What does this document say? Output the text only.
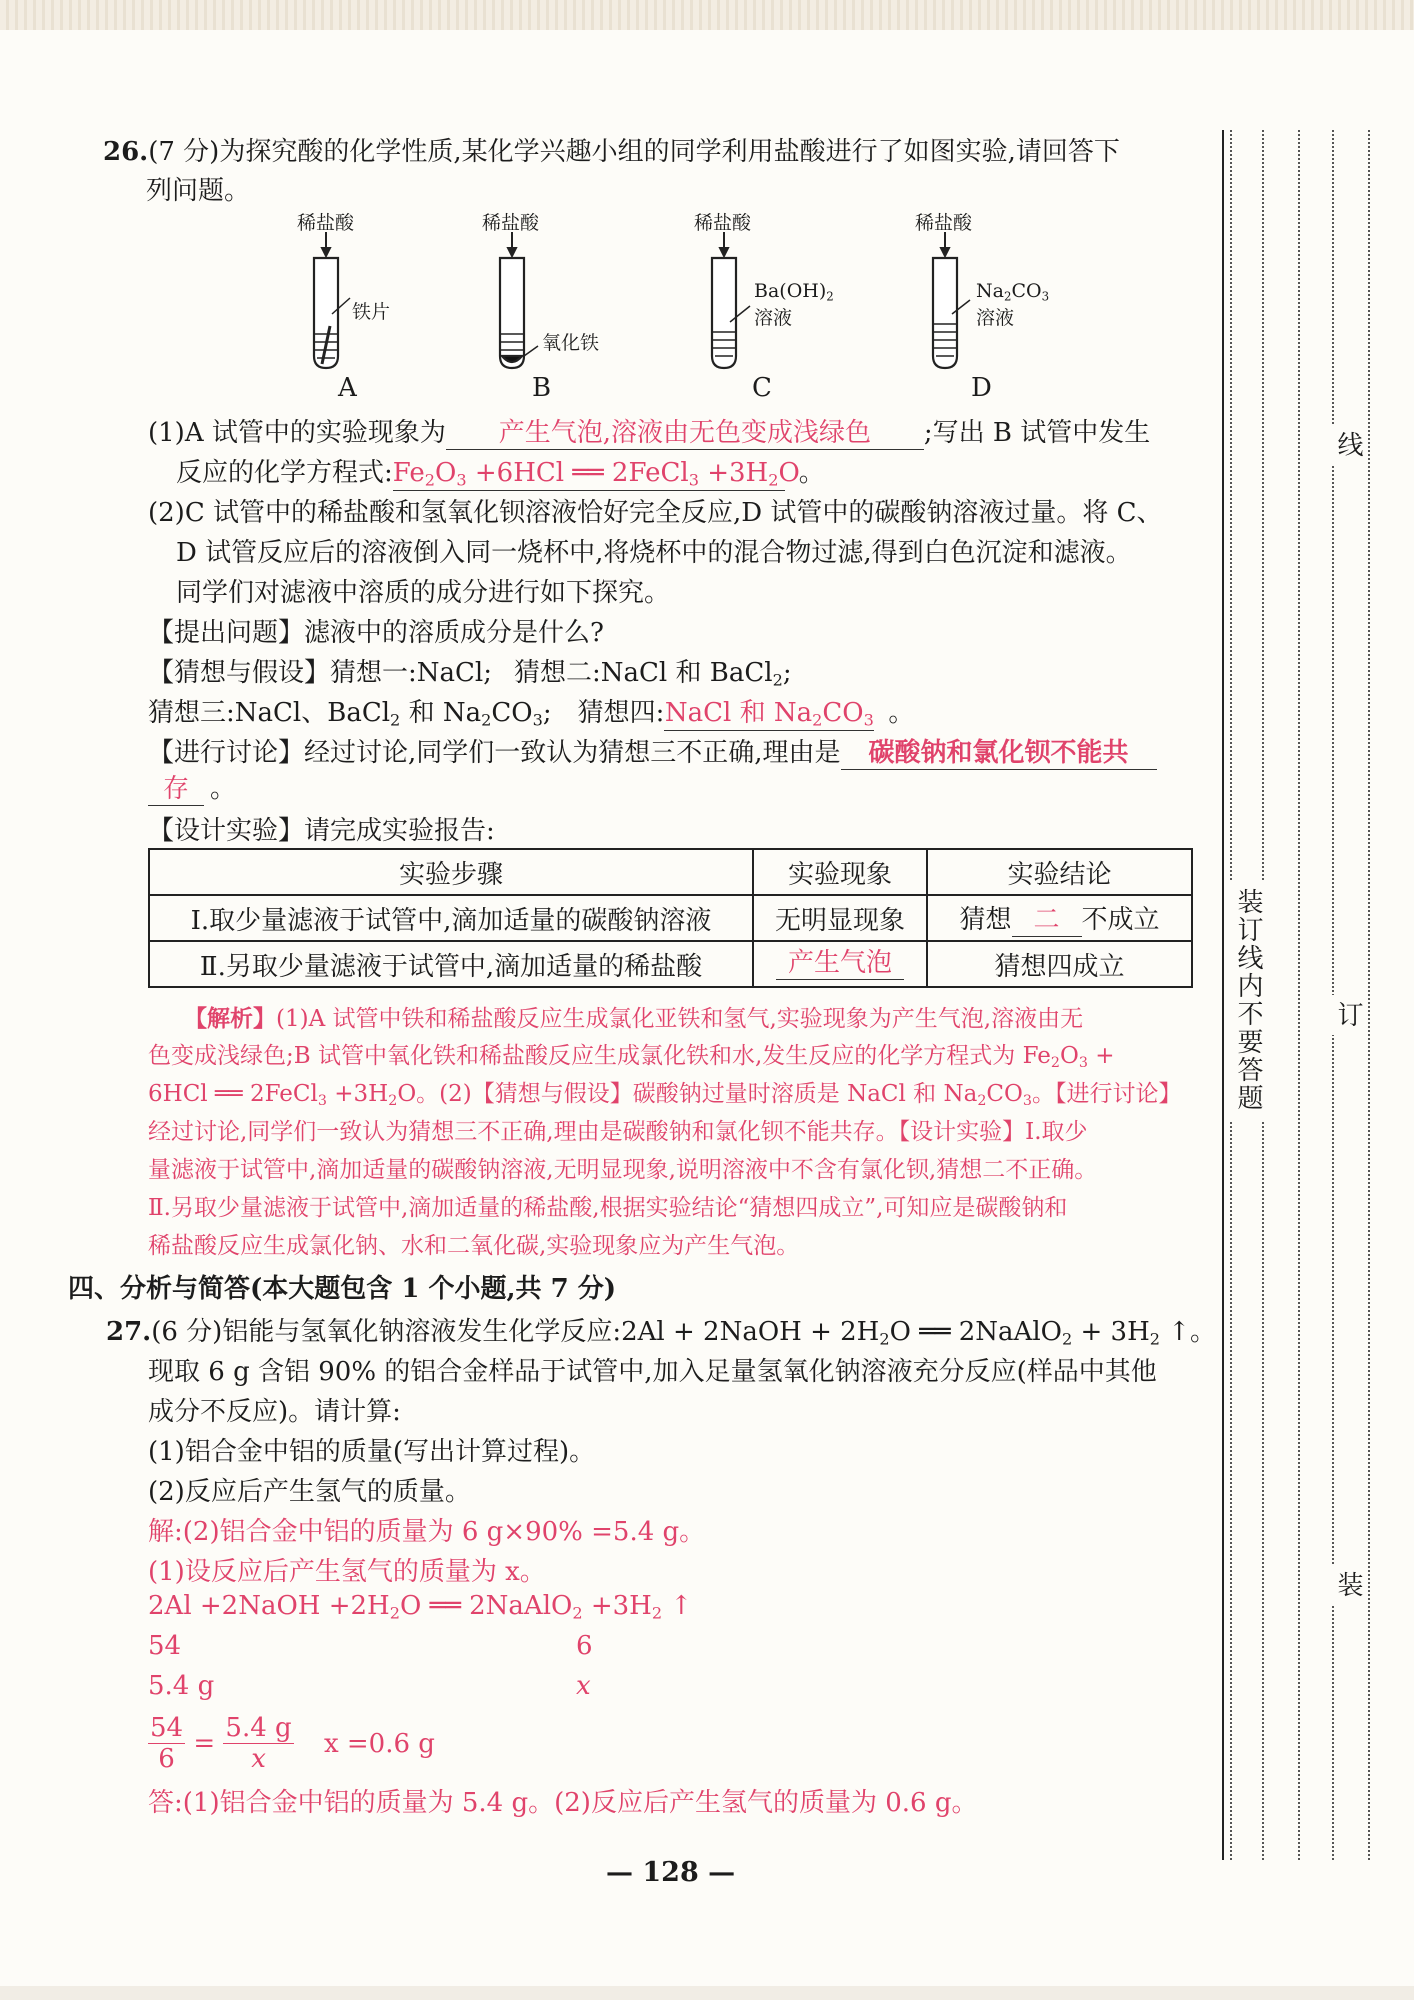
26.(7 分)为探究酸的化学性质,某化学兴趣小组的同学利用盐酸进行了如图实验,请回答下
列问题。
稀盐酸	稀盐酸	稀盐酸	稀盐酸
铁片
氧化铁
$Ba(OH)_2$
溶液
$Na_2CO_3$
溶液
A	B	C	D
(1)A 试管中的实验现象为 产生气泡,溶液由无色变成浅绿色 ;写出 B 试管中发生
反应的化学方程式$:Fe_2O_3 +6HCl$ ══ 2FeCl$_3$ $+3H_2O$。
(2)C 试管中的稀盐酸和氢氧化钡溶液恰好完全反应,D 试管中的碳酸钠溶液过量。将 C、
D 试管反应后的溶液倒入同一烧杯中,将烧杯中的混合物过滤,得到白色沉淀和滤液。
同学们对滤液中溶质的成分进行如下探究。
【提出问题】滤液中的溶质成分是什么?
【猜想与假设】猜想一:NaCl; 猜想二:NaCl 和 BaCl$_2$;
猜想三:NaCl、BaCl$_2$ 和 $Na_2CO_3$; 猜想四:NaCl 和 $Na_2CO_3$ 。
【进行讨论】经过讨论,同学们一致认为猜想三不正确,理由是 碳酸钠和氯化钡不能共
存 。
【设计实验】请完成实验报告:
实验步骤	实验现象	实验结论
Ⅰ.取少量滤液于试管中,滴加适量的碳酸钠溶液	无明显现象	猜想 二 不成立
Ⅱ.另取少量滤液于试管中,滴加适量的稀盐酸	产生气泡	猜想四成立
【解析】(1)A 试管中铁和稀盐酸反应生成氯化亚铁和氢气,实验现象为产生气泡,溶液由无
色变成浅绿色;B 试管中氧化铁和稀盐酸反应生成氯化铁和水,发生反应的化学方程式为 $Fe_2O_3$ +
6HCl ══ 2FeCl$_3$ $+3H_2O$。(2)【猜想与假设】碳酸钠过量时溶质是 NaCl 和 $Na_2CO_3$。【进行讨论】
经过讨论,同学们一致认为猜想三不正确,理由是碳酸钠和氯化钡不能共存。【设计实验】Ⅰ.取少
量滤液于试管中,滴加适量的碳酸钠溶液,无明显现象,说明溶液中不含有氯化钡,猜想二不正确。
Ⅱ.另取少量滤液于试管中,滴加适量的稀盐酸,根据实验结论“猜想四成立”,可知应是碳酸钠和
稀盐酸反应生成氯化钠、水和二氧化碳,实验现象应为产生气泡。
四、分析与简答(本大题包含 1 个小题,共 7 分)
27.(6 分)铝能与氢氧化钠溶液发生化学反应:2Al + 2NaOH + $2H_2O$ ══ 2NaAlO$_2$ + $3H_2$ ↑。
现取 6 g 含铝 90% 的铝合金样品于试管中,加入足量氢氧化钠溶液充分反应(样品中其他
成分不反应)。请计算:
(1)铝合金中铝的质量(写出计算过程)。
(2)反应后产生氢气的质量。
解:(2)铝合金中铝的质量为 6 g×90% =5.4 g。
(1)设反应后产生氢气的质量为 x。
2Al +2NaOH $+2H_2O$ ══ 2NaAlO$_2$ $+3H_2$ ↑
54	6
5.4 g	x
$\frac{54}{6} = \frac{5.4 g}{x}$ x =0.6 g
答:(1)铝合金中铝的质量为 5.4 g。(2)反应后产生氢气的质量为 0.6 g。
— 128 —
线
订
装
装订线内不要答题
